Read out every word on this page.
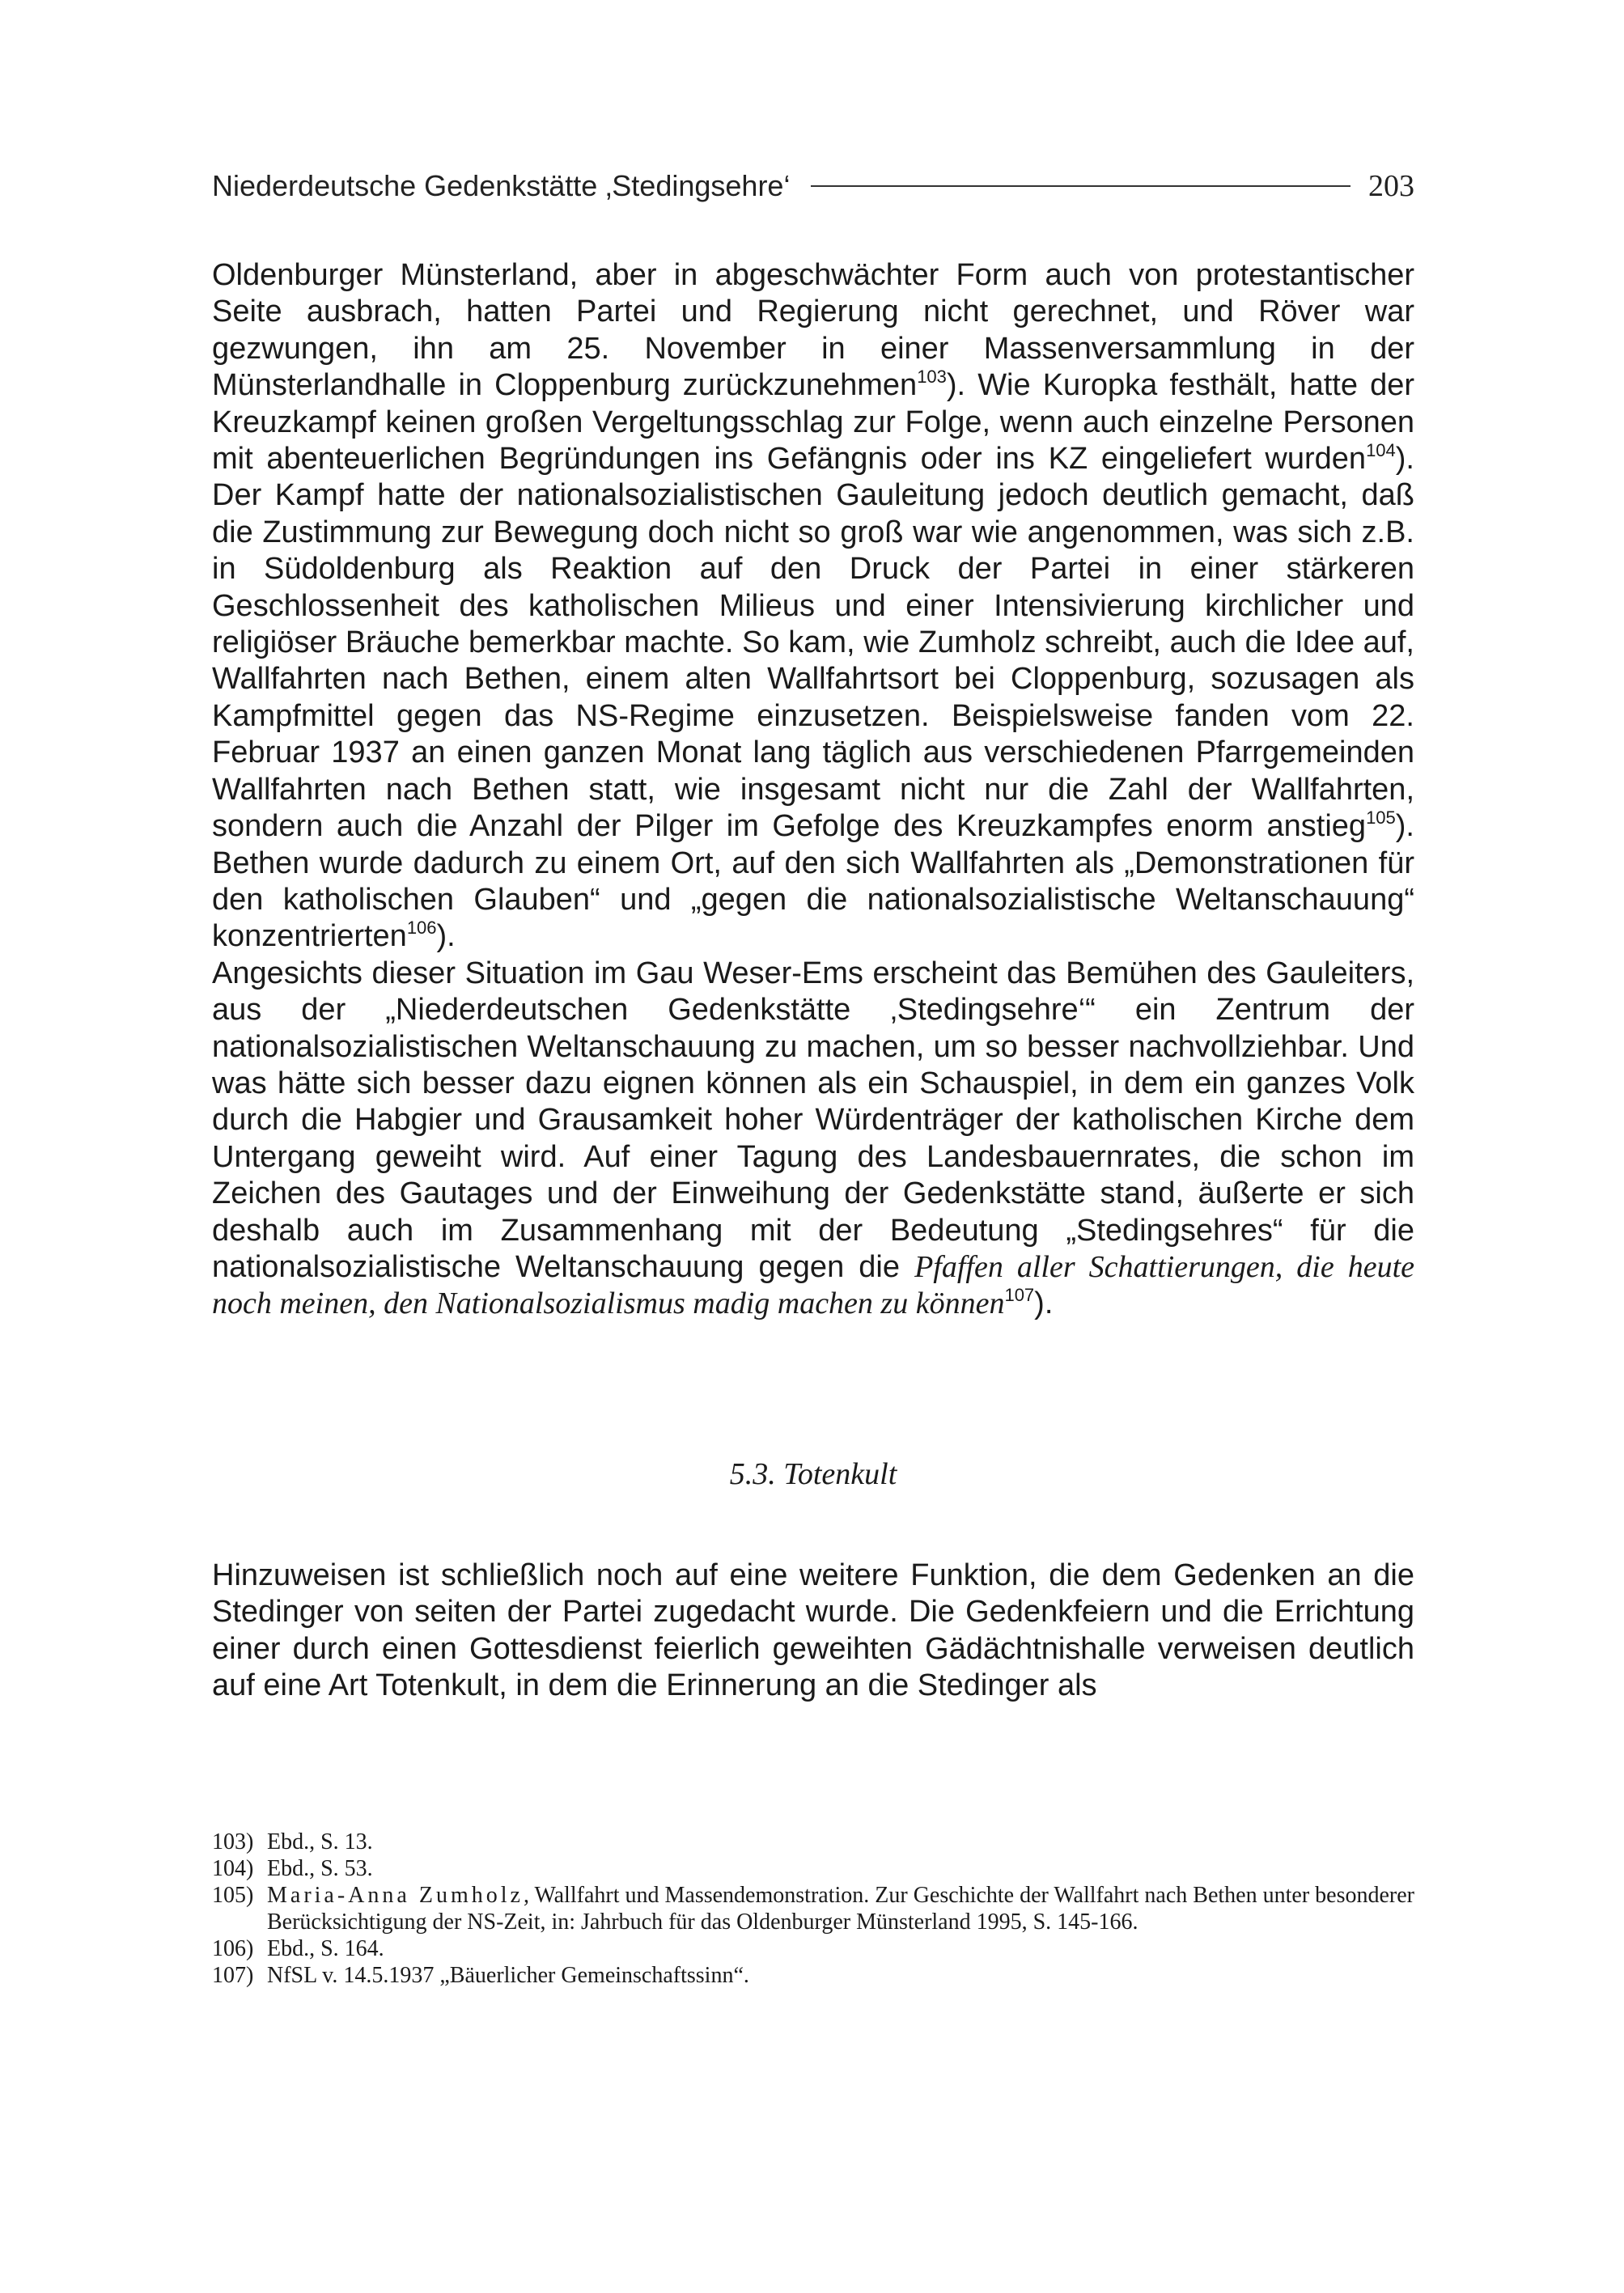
Niederdeutsche Gedenkstätte ‚Stedingsehre‘	203

Oldenburger Münsterland, aber in abgeschwächter Form auch von protestantischer Seite ausbrach, hatten Partei und Regierung nicht gerechnet, und Röver war gezwungen, ihn am 25. November in einer Massenversammlung in der Münsterlandhalle in Cloppenburg zurückzunehmen$^{103}$). Wie Kuropka festhält, hatte der Kreuzkampf keinen großen Vergeltungsschlag zur Folge, wenn auch einzelne Personen mit abenteuerlichen Begründungen ins Gefängnis oder ins KZ eingeliefert wurden$^{104}$). Der Kampf hatte der nationalsozialistischen Gauleitung jedoch deutlich gemacht, daß die Zustimmung zur Bewegung doch nicht so groß war wie angenommen, was sich z.B. in Südoldenburg als Reaktion auf den Druck der Partei in einer stärkeren Geschlossenheit des katholischen Milieus und einer Intensivierung kirchlicher und religiöser Bräuche bemerkbar machte. So kam, wie Zumholz schreibt, auch die Idee auf, Wallfahrten nach Bethen, einem alten Wallfahrtsort bei Cloppenburg, sozusagen als Kampfmittel gegen das NS-Regime einzusetzen. Beispielsweise fanden vom 22. Februar 1937 an einen ganzen Monat lang täglich aus verschiedenen Pfarrgemeinden Wallfahrten nach Bethen statt, wie insgesamt nicht nur die Zahl der Wallfahrten, sondern auch die Anzahl der Pilger im Gefolge des Kreuzkampfes enorm anstieg$^{105}$). Bethen wurde dadurch zu einem Ort, auf den sich Wallfahrten als „Demonstrationen für den katholischen Glauben“ und „gegen die nationalsozialistische Weltanschauung“ konzentrierten$^{106}$).

Angesichts dieser Situation im Gau Weser-Ems erscheint das Bemühen des Gauleiters, aus der „Niederdeutschen Gedenkstätte ‚Stedingsehre‘“ ein Zentrum der nationalsozialistischen Weltanschauung zu machen, um so besser nachvollziehbar. Und was hätte sich besser dazu eignen können als ein Schauspiel, in dem ein ganzes Volk durch die Habgier und Grausamkeit hoher Würdenträger der katholischen Kirche dem Untergang geweiht wird. Auf einer Tagung des Landesbauernrates, die schon im Zeichen des Gautages und der Einweihung der Gedenkstätte stand, äußerte er sich deshalb auch im Zusammenhang mit der Bedeutung „Stedingsehres“ für die nationalsozialistische Weltanschauung gegen die Pfaffen aller Schattierungen, die heute noch meinen, den Nationalsozialismus madig machen zu können$^{107}$).

5.3. Totenkult

Hinzuweisen ist schließlich noch auf eine weitere Funktion, die dem Gedenken an die Stedinger von seiten der Partei zugedacht wurde. Die Gedenkfeiern und die Errichtung einer durch einen Gottesdienst feierlich geweihten Gädächtnishalle verweisen deutlich auf eine Art Totenkult, in dem die Erinnerung an die Stedinger als

103) Ebd., S. 13.
104) Ebd., S. 53.
105) Maria-Anna Zumholz, Wallfahrt und Massendemonstration. Zur Geschichte der Wallfahrt nach Bethen unter besonderer Berücksichtigung der NS-Zeit, in: Jahrbuch für das Oldenburger Münsterland 1995, S. 145-166.
106) Ebd., S. 164.
107) NfSL v. 14.5.1937 „Bäuerlicher Gemeinschaftssinn“.
